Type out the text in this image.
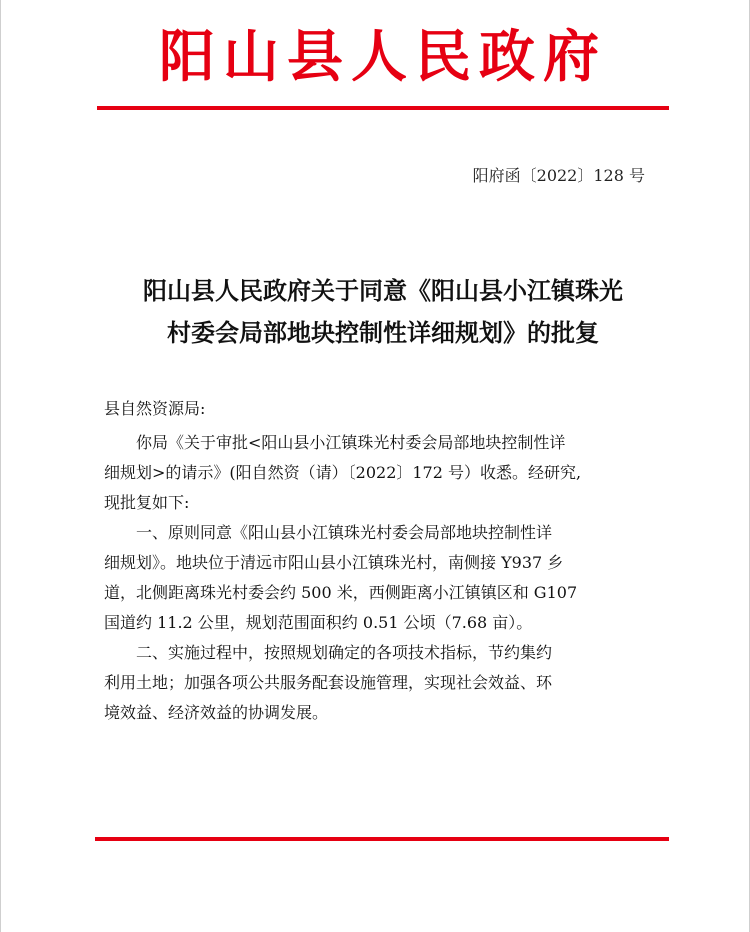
阳山县人民政府
阳府函〔2022〕128 号
阳山县人民政府关于同意《阳山县小江镇珠光
村委会局部地块控制性详细规划》的批复
县自然资源局:
　　你局《关于审批<阳山县小江镇珠光村委会局部地块控制性详
细规划>的请示》(阳自然资（请）〔2022〕172 号）收悉。经研究,
现批复如下:
　　一、原则同意《阳山县小江镇珠光村委会局部地块控制性详
细规划》。地块位于清远市阳山县小江镇珠光村，南侧接 Y937 乡
道，北侧距离珠光村委会约 500 米，西侧距离小江镇镇区和 G107
国道约 11.2 公里，规划范围面积约 0.51 公顷（7.68 亩）。
　　二、实施过程中，按照规划确定的各项技术指标，节约集约
利用土地；加强各项公共服务配套设施管理，实现社会效益、环
境效益、经济效益的协调发展。
